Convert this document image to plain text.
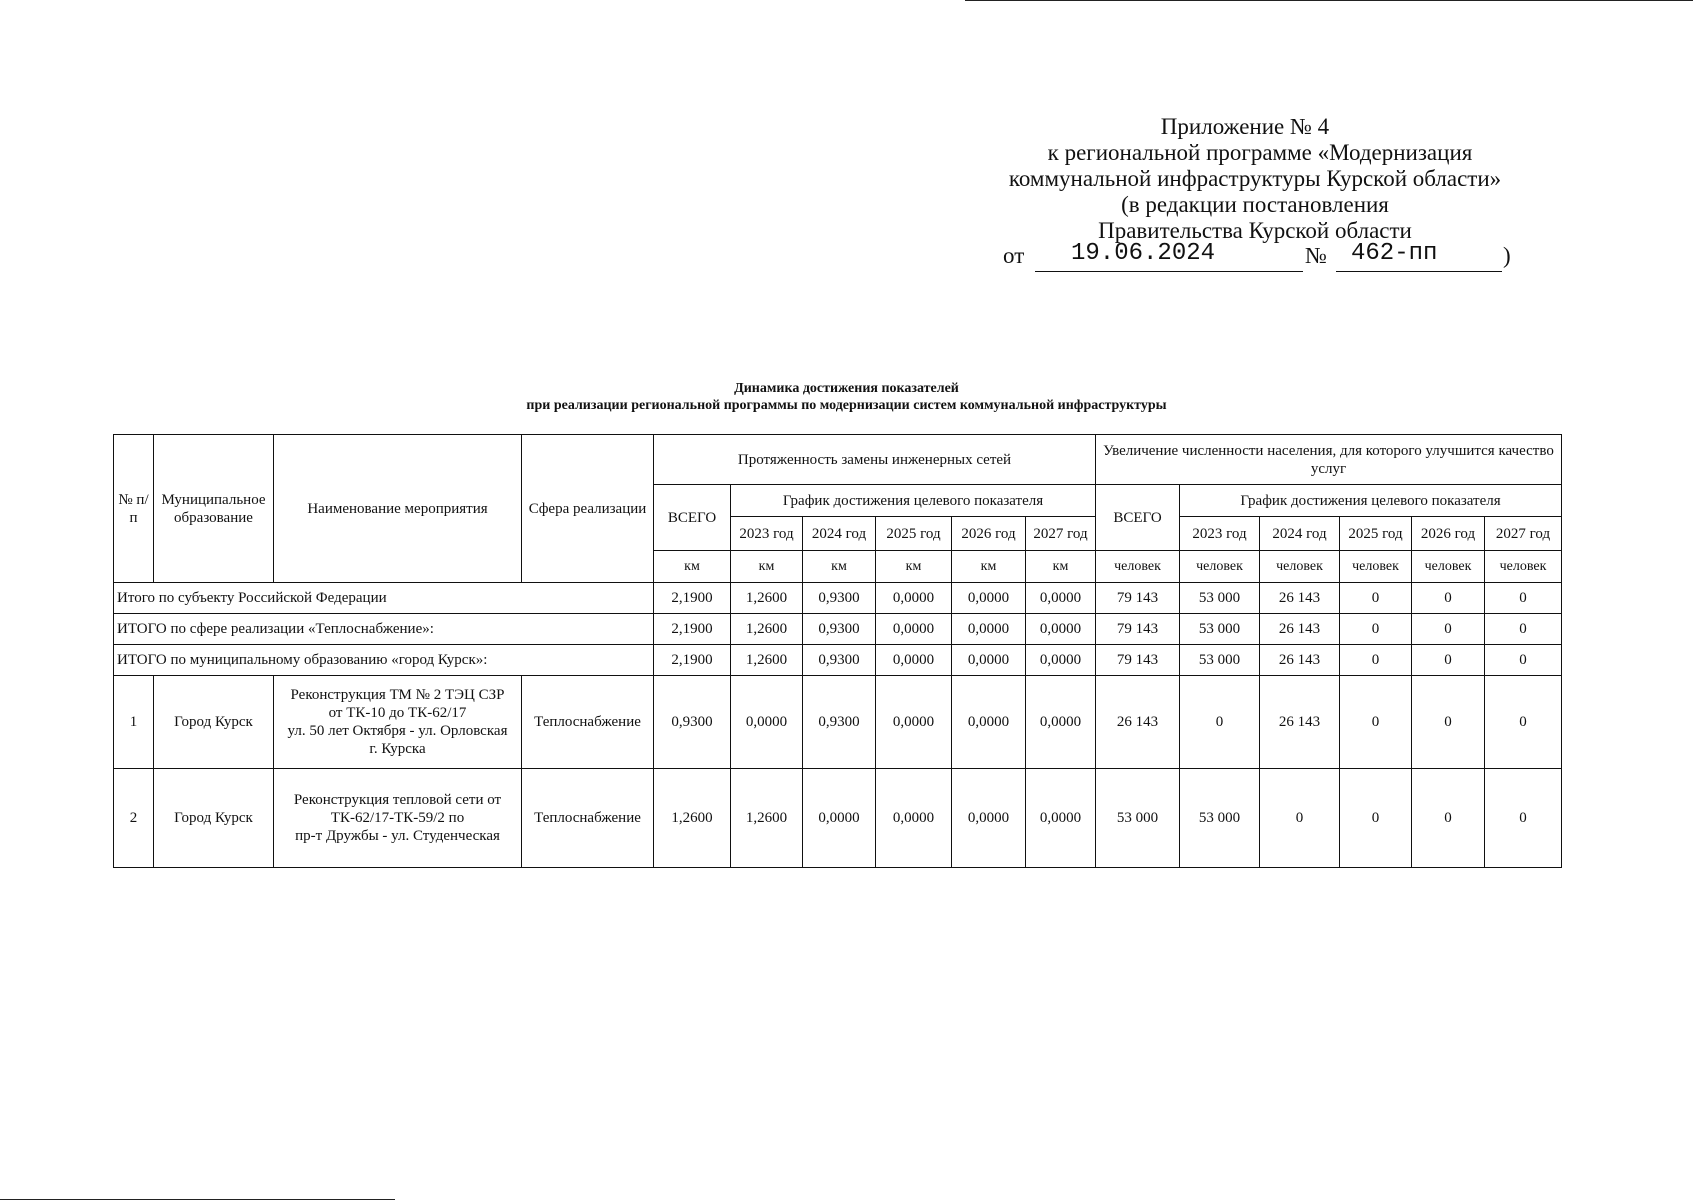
Приложение № 4
к региональной программе «Модернизация
коммунальной инфраструктуры Курской области»
(в редакции постановления
Правительства Курской области
от 19.06.2024	№ 462-пп	)
Динамика достижения показателей
при реализации региональной программы по модернизации систем коммунальной инфраструктуры
№ п/п	Муниципальное образование	Наименование мероприятия	Сфера реализации	Протяженность замены инженерных сетей						Увеличение численности населения, для которого улучшится качество услуг					
				ВСЕГО	График достижения целевого показателя					ВСЕГО	График достижения целевого показателя				
					2023 год	2024 год	2025 год	2026 год	2027 год		2023 год	2024 год	2025 год	2026 год	2027 год
				км	км	км	км	км	км	человек	человек	человек	человек	человек	человек
Итого по субъекту Российской Федерации				2,1900	1,2600	0,9300	0,0000	0,0000	0,0000	79 143	53 000	26 143	0	0	0
ИТОГО по сфере реализации «Теплоснабжение»:				2,1900	1,2600	0,9300	0,0000	0,0000	0,0000	79 143	53 000	26 143	0	0	0
ИТОГО по муниципальному образованию «город Курск»:				2,1900	1,2600	0,9300	0,0000	0,0000	0,0000	79 143	53 000	26 143	0	0	0
1	Город Курск	Реконструкция ТМ № 2 ТЭЦ СЗР
от ТК-10 до ТК-62/17
ул. 50 лет Октября - ул. Орловская
г. Курска	Теплоснабжение	0,9300	0,0000	0,9300	0,0000	0,0000	0,0000	26 143	0	26 143	0	0	0
2	Город Курск	Реконструкция тепловой сети от
ТК-62/17-ТК-59/2 по
пр-т Дружбы - ул. Студенческая	Теплоснабжение	1,2600	1,2600	0,0000	0,0000	0,0000	0,0000	53 000	53 000	0	0	0	0
